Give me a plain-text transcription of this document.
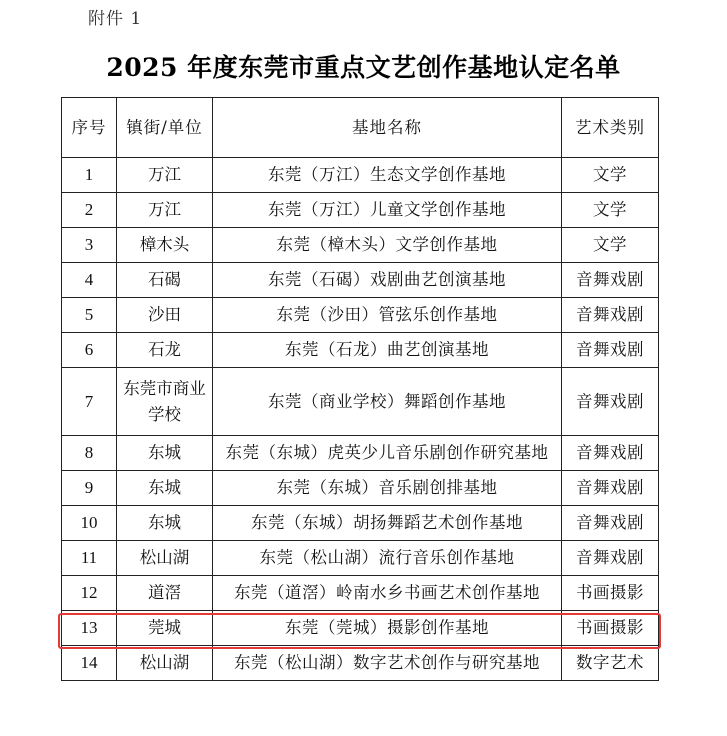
附件 1
2025 年度东莞市重点文艺创作基地认定名单
序号	镇街/单位	基地名称	艺术类别
1	万江	东莞（万江）生态文学创作基地	文学
2	万江	东莞（万江）儿童文学创作基地	文学
3	樟木头	东莞（樟木头）文学创作基地	文学
4	石碣	东莞（石碣）戏剧曲艺创演基地	音舞戏剧
5	沙田	东莞（沙田）管弦乐创作基地	音舞戏剧
6	石龙	东莞（石龙）曲艺创演基地	音舞戏剧
7	东莞市商业学校	东莞（商业学校）舞蹈创作基地	音舞戏剧
8	东城	东莞（东城）虎英少儿音乐剧创作研究基地	音舞戏剧
9	东城	东莞（东城）音乐剧创排基地	音舞戏剧
10	东城	东莞（东城）胡扬舞蹈艺术创作基地	音舞戏剧
11	松山湖	东莞（松山湖）流行音乐创作基地	音舞戏剧
12	道滘	东莞（道滘）岭南水乡书画艺术创作基地	书画摄影
13	莞城	东莞（莞城）摄影创作基地	书画摄影
14	松山湖	东莞（松山湖）数字艺术创作与研究基地	数字艺术
